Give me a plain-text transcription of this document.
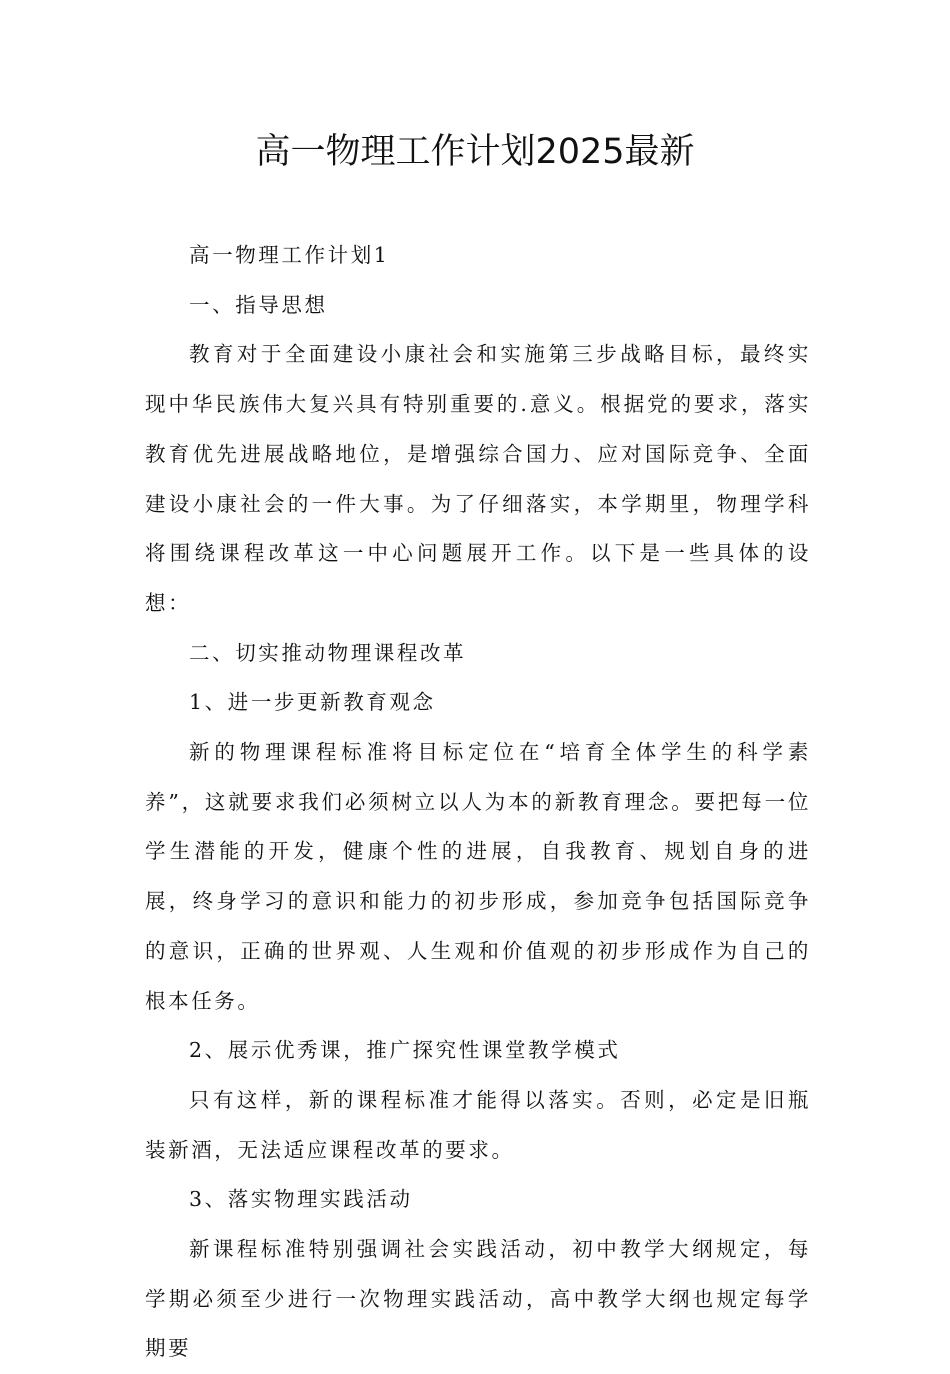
高一物理工作计划2025最新

高一物理工作计划1

一、指导思想

教育对于全面建设小康社会和实施第三步战略目标，最终实现中华民族伟大复兴具有特别重要的.意义。根据党的要求，落实教育优先进展战略地位，是增强综合国力、应对国际竞争、全面建设小康社会的一件大事。为了仔细落实，本学期里，物理学科将围绕课程改革这一中心问题展开工作。以下是一些具体的设想：

二、切实推动物理课程改革

1、进一步更新教育观念

新的物理课程标准将目标定位在“培育全体学生的科学素养”，这就要求我们必须树立以人为本的新教育理念。要把每一位学生潜能的开发，健康个性的进展，自我教育、规划自身的进展，终身学习的意识和能力的初步形成，参加竞争包括国际竞争的意识，正确的世界观、人生观和价值观的初步形成作为自己的根本任务。

2、展示优秀课，推广探究性课堂教学模式

只有这样，新的课程标准才能得以落实。否则，必定是旧瓶装新酒，无法适应课程改革的要求。

3、落实物理实践活动

新课程标准特别强调社会实践活动，初中教学大纲规定，每学期必须至少进行一次物理实践活动，高中教学大纲也规定每学期要
